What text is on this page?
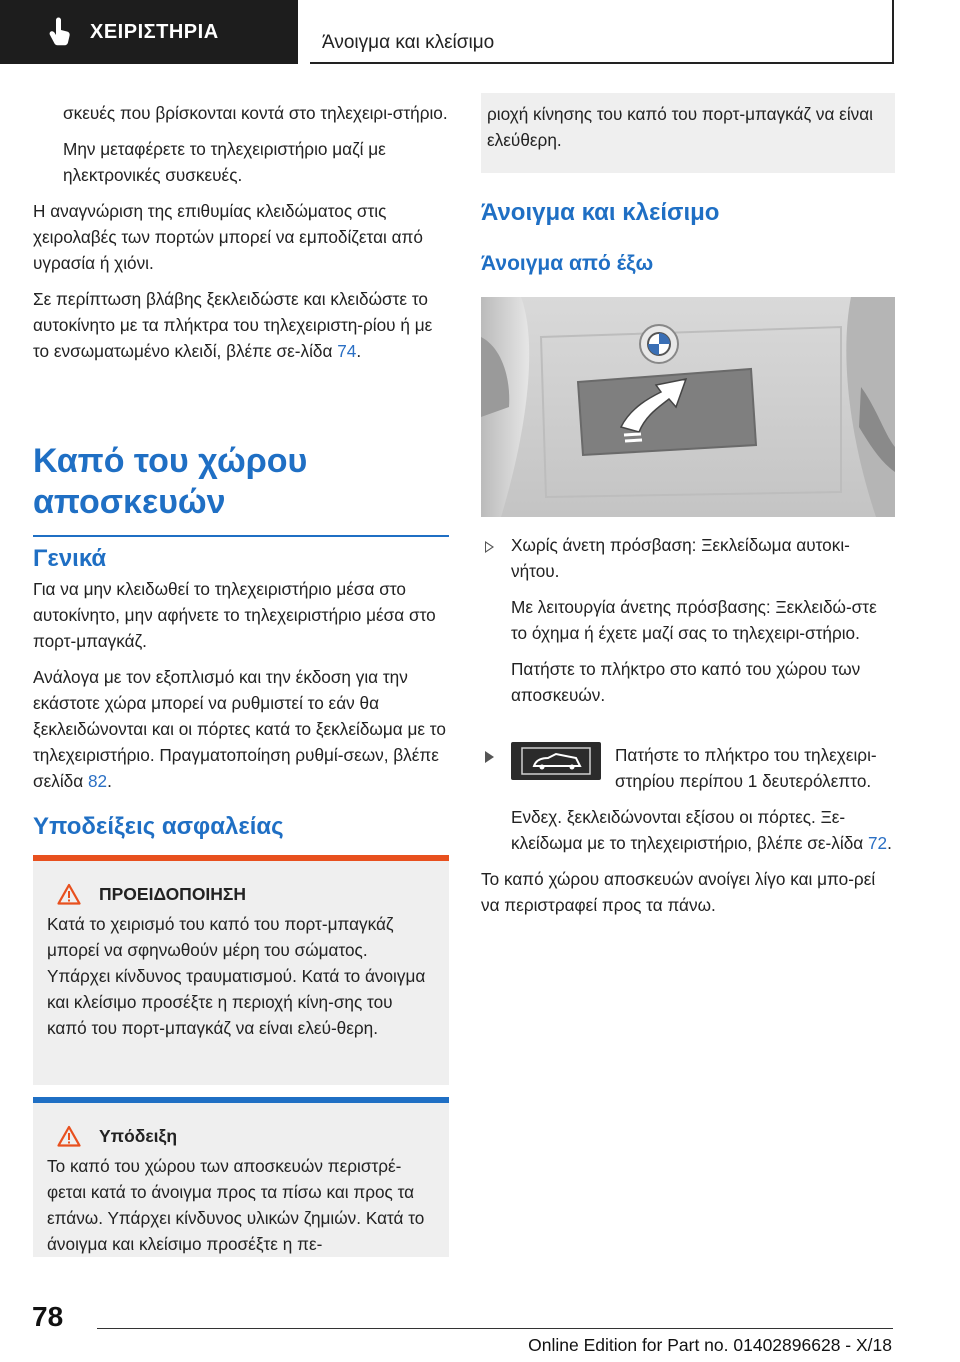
ΧΕΙΡΙΣΤΗΡΙΑ	Άνοιγμα και κλείσιμο

σκευές που βρίσκονται κοντά στο τηλεχειρι-στήριο.

Μην μεταφέρετε το τηλεχειριστήριο μαζί με ηλεκτρονικές συσκευές.

Η αναγνώριση της επιθυμίας κλειδώματος στις χειρολαβές των πορτών μπορεί να εμποδίζεται από υγρασία ή χιόνι.

Σε περίπτωση βλάβης ξεκλειδώστε και κλειδώστε το αυτοκίνητο με τα πλήκτρα του τηλεχειριστη-ρίου ή με το ενσωματωμένο κλειδί, βλέπε σε-λίδα 74.

Καπό του χώρου

αποσκευών

Γενικά

Για να μην κλειδωθεί το τηλεχειριστήριο μέσα στο αυτοκίνητο, μην αφήνετε το τηλεχειριστήριο μέσα στο πορτ-μπαγκάζ.

Ανάλογα με τον εξοπλισμό και την έκδοση για την εκάστοτε χώρα μπορεί να ρυθμιστεί το εάν θα ξεκλειδώνονται και οι πόρτες κατά το ξεκλείδωμα με το τηλεχειριστήριο. Πραγματοποίηση ρυθμί-σεων, βλέπε σελίδα 82.

Υποδείξεις ασφαλείας

ΠΡΟΕΙΔΟΠΟΙΗΣΗ

Κατά το χειρισμό του καπό του πορτ-μπαγκάζ μπορεί να σφηνωθούν μέρη του σώματος. Υπάρχει κίνδυνος τραυματισμού. Κατά το άνοιγμα και κλείσιμο προσέξτε η περιοχή κίνη-σης του καπό του πορτ-μπαγκάζ να είναι ελεύ-θερη.

Υπόδειξη

Το καπό του χώρου των αποσκευών περιστρέ-φεται κατά το άνοιγμα προς τα πίσω και προς τα επάνω. Υπάρχει κίνδυνος υλικών ζημιών. Κατά το άνοιγμα και κλείσιμο προσέξτε η πε-

ριοχή κίνησης του καπό του πορτ-μπαγκάζ να είναι ελεύθερη.

Άνοιγμα και κλείσιμο

Άνοιγμα από έξω

Χωρίς άνετη πρόσβαση: Ξεκλείδωμα αυτοκι-νήτου.

Με λειτουργία άνετης πρόσβασης: Ξεκλειδώ-στε το όχημα ή έχετε μαζί σας το τηλεχειρι-στήριο.

Πατήστε το πλήκτρο στο καπό του χώρου των αποσκευών.

Πατήστε το πλήκτρο του τηλεχειρι-στηρίου περίπου 1 δευτερόλεπτο.

Ενδεχ. ξεκλειδώνονται εξίσου οι πόρτες. Ξε-κλείδωμα με το τηλεχειριστήριο, βλέπε σε-λίδα 72.

Το καπό χώρου αποσκευών ανοίγει λίγο και μπο-ρεί να περιστραφεί προς τα πάνω.

78
Online Edition for Part no. 01402896628 - X/18
